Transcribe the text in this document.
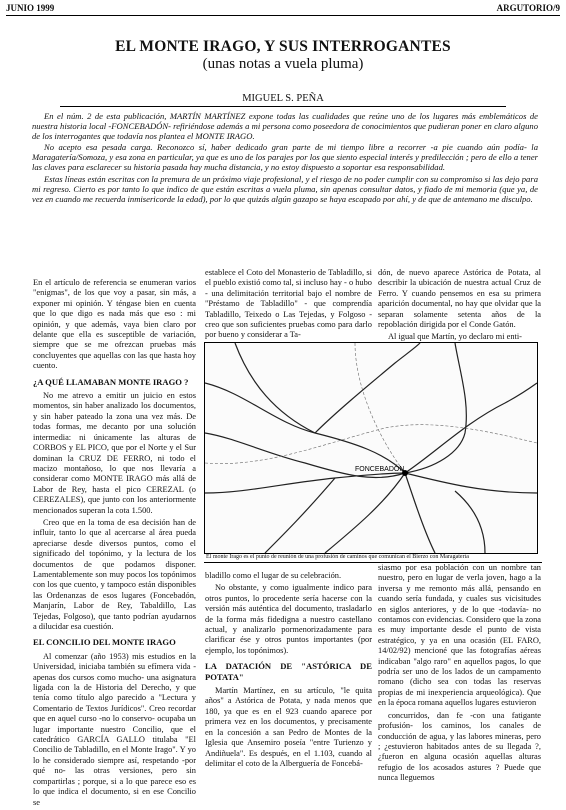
JUNIO 1999	ARGUTORIO/9
EL MONTE IRAGO, Y SUS INTERROGANTES
(unas notas a vuela pluma)
MIGUEL S. PEÑA

En el núm. 2 de esta publicación, MARTÍN MARTÍNEZ expone todas las cualidades que reúne uno de los lugares más emblemáticos de nuestra historia local -FONCEBADÓN- refiriéndose además a mi persona como poseedora de conocimientos que pudieran poner en claro alguno de los interrogantes que todavía nos plantea el MONTE IRAGO.

No acepto esa pesada carga. Reconozco sí, haber dedicado gran parte de mi tiempo libre a recorrer -a pie cuando aún podía- la Maragatería/Somoza, y esa zona en particular, ya que es uno de los parajes por los que siento especial interés y predilección ; pero de ello a tener las claves para esclarecer su historia pasada hay mucha distancia, y no estoy dispuesto a soportar esa responsabilidad.

Estas líneas están escritas con la premura de un próximo viaje profesional, y el riesgo de no poder cumplir con su compromiso si las dejo para mi regreso. Cierto es por tanto lo que indico de que están escritas a vuela pluma, sin apenas consultar datos, y fiado de mi memoria (que ya, de vez en cuando me recuerda inmisericorde la edad), por lo que quizás algún gazapo se haya escapado por ahí, y de que de antemano me disculpo.

En el artículo de referencia se enumeran varios "enigmas", de los que voy a pasar, sin más, a exponer mi opinión. Y téngase bien en cuenta que lo que digo es nada más que eso : mi opinión, y que además, vaya bien claro por delante que ella es susceptible de variación, siempre que se me ofrezcan pruebas más concluyentes que aquellas con las que hasta hoy cuento.

¿A QUÉ LLAMABAN MONTE IRAGO ?

No me atrevo a emitir un juicio en estos momentos, sin haber analizado los documentos, y sin haber pateado la zona una vez más. De todas formas, me decanto por una solución intermedia: ni únicamente las alturas de CORBOS y EL PICO, que por el Norte y el Sur dominan la CRUZ DE FERRO, ni todo el macizo montañoso, lo que nos llevaría a considerar como MONTE IRAGO más allá de Labor de Rey, hasta el pico CEREZAL (o CEREZALES), que junto con los anteriormente mencionados superan la cota 1.500.

Creo que en la toma de esa decisión han de influir, tanto lo que al acercarse al área pueda apreciarse desde diversos puntos, como el significado del topónimo, y la lectura de los documentos de que podamos disponer. Lamentablemente son muy pocos los topónimos con los que cuento, y tampoco están disponibles las Ordenanzas de esos lugares (Foncebadón, Manjarín, Labor de Rey, Tabaldillo, Las Tejedas, Folgoso), que tanto podrían ayudarnos a dilucidar esa cuestión.

EL CONCILIO DEL MONTE IRAGO

Al comenzar (año 1953) mis estudios en la Universidad, iniciaba también su efímera vida -apenas dos cursos como mucho- una asignatura ligada con la de Historia del Derecho, y que tenía como título algo parecido a "Lectura y Comentario de Textos Jurídicos". Creo recordar que en aquel curso -no lo conservo- ocupaba un lugar importante nuestro Concilio, que el catedrático GARCÍA GALLO titulaba "El Concilio de Tabladillo, en el Monte Irago". Y yo lo he considerado siempre así, respetando -por qué no- las otras versiones, pero sin compartirlas ; porque, si a lo que parece eso es lo que indica el documento, si en ese Concilio se

establece el Coto del Monasterio de Tabladillo, si el pueblo existió como tal, si incluso hay - o hubo - una delimitación territorial bajo el nombre de "Préstamo de Tabladillo" - que comprendía Tabladillo, Teixedo o Las Tejedas, y Folgoso - creo que son suficientes pruebas como para darlo por bueno y considerar a Ta-

dón, de nuevo aparece Astórica de Potata, al describir la ubicación de nuestra actual Cruz de Ferro. Y cuando pensemos en esa su primera aparición documental, no hay que olvidar que la separan solamente setenta años de la repoblación dirigida por el Conde Gatón.

Al igual que Martín, yo declaro mi enti-

FONCEBADÓN
El monte Irago es el punto de reunión de una profusión de caminos que comunican el Bierzo con Maragatería

bladillo como el lugar de su celebración.

No obstante, y como igualmente indico para otros puntos, lo procedente sería hacerse con la versión más auténtica del documento, trasladarlo de la forma más fidedigna a nuestro castellano actual, y analizarlo pormenorizadamente para clarificar ése y otros puntos importantes (por ejemplo, los topónimos).

LA DATACIÓN DE "ASTÓRICA DE POTATA"

Martín Martínez, en su artículo, "le quita años" a Astórica de Potata, y nada menos que 180, ya que es en el 923 cuando aparece por primera vez en los documentos, y precisamente en la concesión a san Pedro de Montes de la Iglesia que Ansemiro poseía "entre Turienzo y Andiñuela". Es después, en el 1.103, cuando al delimitar el coto de la Alberguería de Foncebá-

siasmo por esa población con un nombre tan nuestro, pero en lugar de verla joven, hago a la inversa y me remonto más allá, pensando en cuando sería fundada, y cuales sus vicisitudes en siglos anteriores, y de lo que -todavía- no contamos con evidencias. Considero que la zona es muy importante desde el punto de vista estratégico, y ya en una ocasión (EL FARO, 14/02/92) mencioné que las fotografías aéreas indicaban "algo raro" en aquellos pagos, lo que podría ser uno de los lados de un campamento romano (dicho sea con todas las reservas propias de mi inexperiencia arqueológica). Que en la época romana aquellos lugares estuvieron

concurridos, dan fe -con una fatigante profusión- los caminos, los canales de conducción de agua, y las labores mineras, pero ; ¿estuvieron habitados antes de su llegada ?, ¿fueron en alguna ocasión aquellas alturas refugio de los acosados astures ? Puede que nunca lleguemos
